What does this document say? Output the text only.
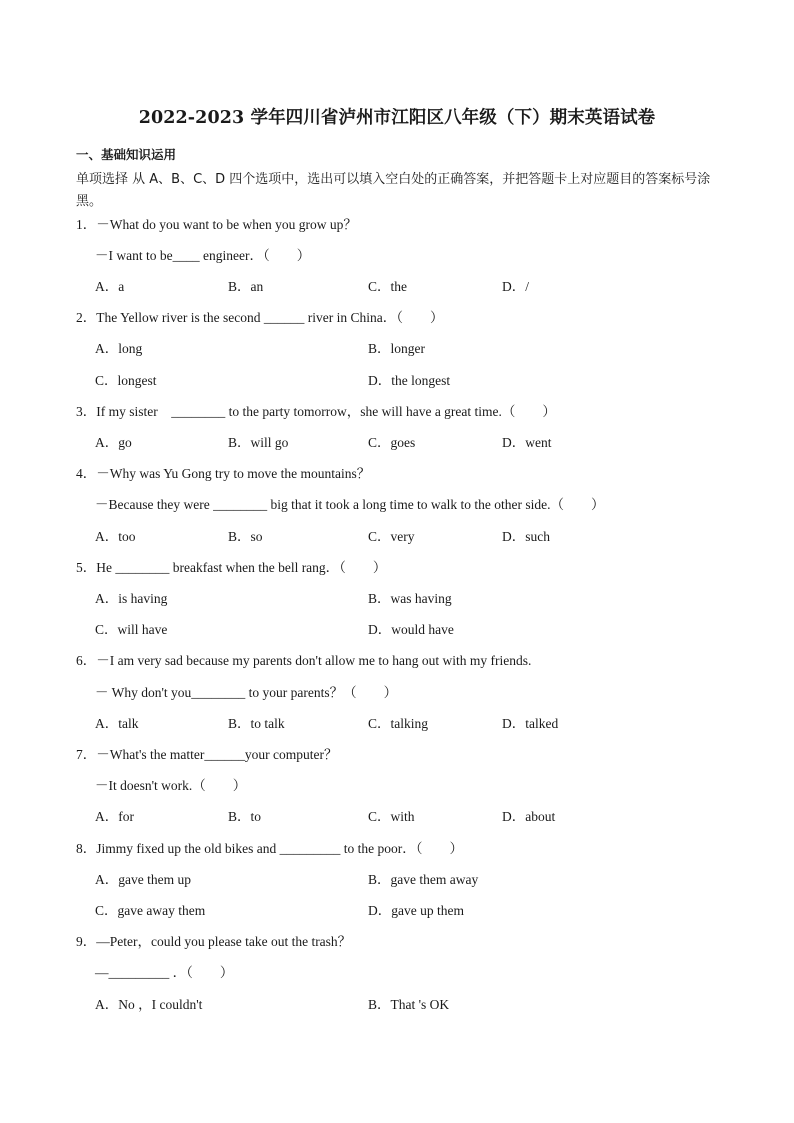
2022-2023 学年四川省泸州市江阳区八年级（下）期末英语试卷
一、基础知识运用
单项选择 从 A、B、C、D 四个选项中，选出可以填入空白处的正确答案，并把答题卡上对应题目的答案标号涂黑。
1．－What do you want to be when you grow up？
－I want to be____ engineer．（　　）
A．a	B．an	C．the	D．/
2．The Yellow river is the second ______ river in China．（　　）
A．long	B．longer
C．longest	D．the longest
3．If my sister　________ to the party tomorrow，she will have a great time.（　　）
A．go	B．will go	C．goes	D．went
4．－Why was Yu Gong try to move the mountains？
－Because they were ________ big that it took a long time to walk to the other side.（　　）
A．too	B．so	C．very	D．such
5．He ________ breakfast when the bell rang．（　　）
A．is having	B．was having
C．will have	D．would have
6．－I am very sad because my parents don't allow me to hang out with my friends.
－ Why don't you________ to your parents？（　　）
A．talk	B．to talk	C．talking	D．talked
7．－What's the matter______your computer？
－It doesn't work.（　　）
A．for	B．to	C．with	D．about
8．Jimmy fixed up the old bikes and _________ to the poor．（　　）
A．gave them up	B．gave them away
C．gave away them	D．gave up them
9．—Peter，could you please take out the trash？
—_________ ．（　　）
A．No ，I couldn't	B．That 's OK
